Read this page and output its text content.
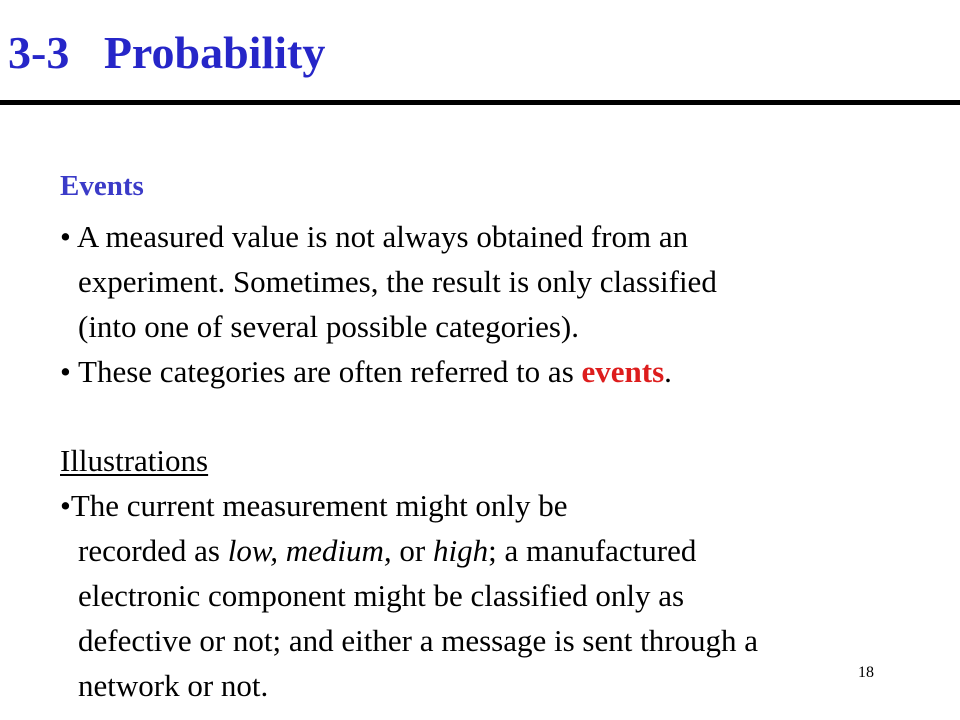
3-3   Probability
Events
• A measured value is not always obtained from an
experiment. Sometimes, the result is only classified
(into one of several possible categories).
• These categories are often referred to as events.
Illustrations
•The current measurement might only be
recorded as low, medium, or high; a manufactured
electronic component might be classified only as
defective or not; and either a message is sent through a
network or not.	18
